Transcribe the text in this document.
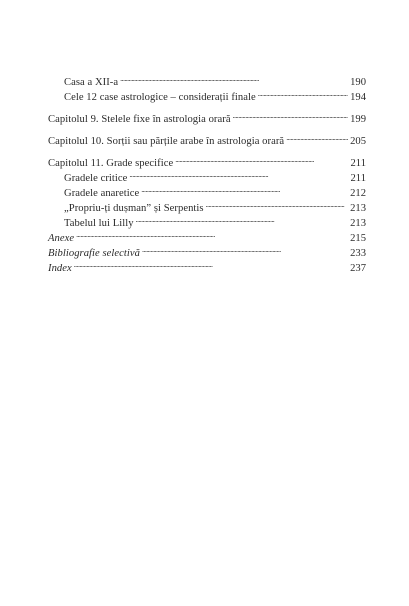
Casa a XII-a . . .	190
Cele 12 case astrologice – considerații finale . . .	194
Capitolul 9. Stelele fixe în astrologia orară . . .	199
Capitolul 10. Sorții sau părțile arabe în astrologia orară . . .	205
Capitolul 11. Grade specifice . . .	211
Gradele critice . . .	211
Gradele anaretice . . .	212
„Propriu-ți dușman” și Serpentis . . .	213
Tabelul lui Lilly . . .	213
Anexe . . .	215
Bibliografie selectivă . . .	233
Index . . .	237
